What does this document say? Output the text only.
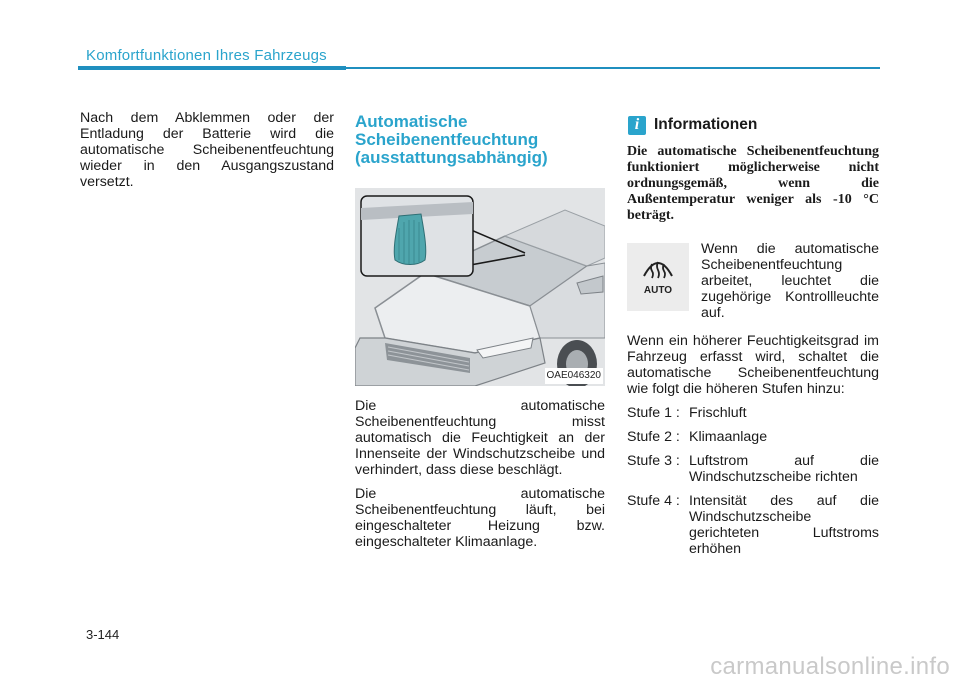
Komfortfunktionen Ihres Fahrzeugs

Nach dem Abklemmen oder der Entladung der Batterie wird die automatische Scheibenentfeuchtung wieder in den Ausgangszustand versetzt.

Automatische
Scheibenentfeuchtung
(ausstattungsabhängig)
OAE046320

Die automatische Scheibenentfeuchtung misst automatisch die Feuchtigkeit an der Innenseite der Windschutzscheibe und verhindert, dass diese beschlägt.

Die automatische Scheibenentfeuchtung läuft, bei eingeschalteter Heizung bzw. eingeschalteter Klimaanlage.

i Informationen

Die automatische Scheibenentfeuchtung funktioniert möglicherweise nicht ordnungsgemäß, wenn die Außentemperatur weniger als -10 °C beträgt.

AUTO
Wenn die automatische Scheibenentfeuchtung arbeitet, leuchtet die zugehörige Kontrollleuchte auf.

Wenn ein höherer Feuchtigkeitsgrad im Fahrzeug erfasst wird, schaltet die automatische Scheibenentfeuchtung wie folgt die höheren Stufen hinzu:

Stufe 1 : Frischluft
Stufe 2 : Klimaanlage
Stufe 3 : Luftstrom auf die Windschutzscheibe richten
Stufe 4 : Intensität des auf die Windschutzscheibe gerichteten Luftstroms erhöhen
3-144
carmanualsonline.info
